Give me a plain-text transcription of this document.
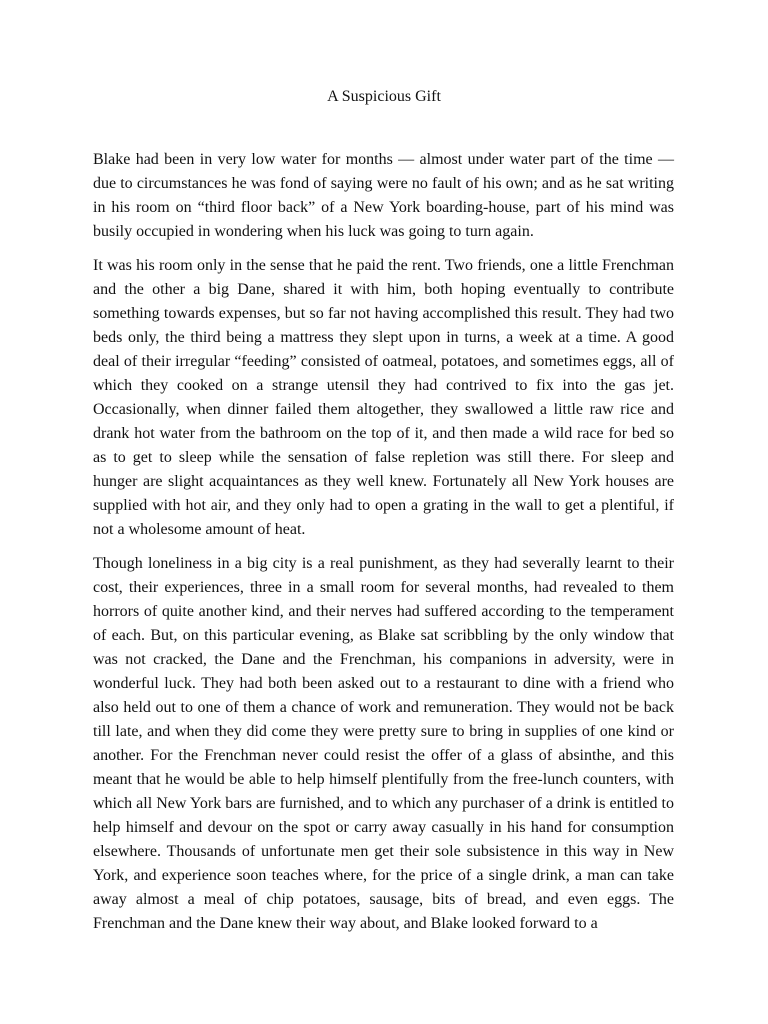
A Suspicious Gift

Blake had been in very low water for months — almost under water part of the time — due to circumstances he was fond of saying were no fault of his own; and as he sat writing in his room on “third floor back” of a New York boarding-house, part of his mind was busily occupied in wondering when his luck was going to turn again.

It was his room only in the sense that he paid the rent. Two friends, one a little Frenchman and the other a big Dane, shared it with him, both hoping eventually to contribute something towards expenses, but so far not having accomplished this result. They had two beds only, the third being a mattress they slept upon in turns, a week at a time. A good deal of their irregular “feeding” consisted of oatmeal, potatoes, and sometimes eggs, all of which they cooked on a strange utensil they had contrived to fix into the gas jet. Occasionally, when dinner failed them altogether, they swallowed a little raw rice and drank hot water from the bathroom on the top of it, and then made a wild race for bed so as to get to sleep while the sensation of false repletion was still there. For sleep and hunger are slight acquaintances as they well knew. Fortunately all New York houses are supplied with hot air, and they only had to open a grating in the wall to get a plentiful, if not a wholesome amount of heat.

Though loneliness in a big city is a real punishment, as they had severally learnt to their cost, their experiences, three in a small room for several months, had revealed to them horrors of quite another kind, and their nerves had suffered according to the temperament of each. But, on this particular evening, as Blake sat scribbling by the only window that was not cracked, the Dane and the Frenchman, his companions in adversity, were in wonderful luck. They had both been asked out to a restaurant to dine with a friend who also held out to one of them a chance of work and remuneration. They would not be back till late, and when they did come they were pretty sure to bring in supplies of one kind or another. For the Frenchman never could resist the offer of a glass of absinthe, and this meant that he would be able to help himself plentifully from the free-lunch counters, with which all New York bars are furnished, and to which any purchaser of a drink is entitled to help himself and devour on the spot or carry away casually in his hand for consumption elsewhere. Thousands of unfortunate men get their sole subsistence in this way in New York, and experience soon teaches where, for the price of a single drink, a man can take away almost a meal of chip potatoes, sausage, bits of bread, and even eggs. The Frenchman and the Dane knew their way about, and Blake looked forward to a
